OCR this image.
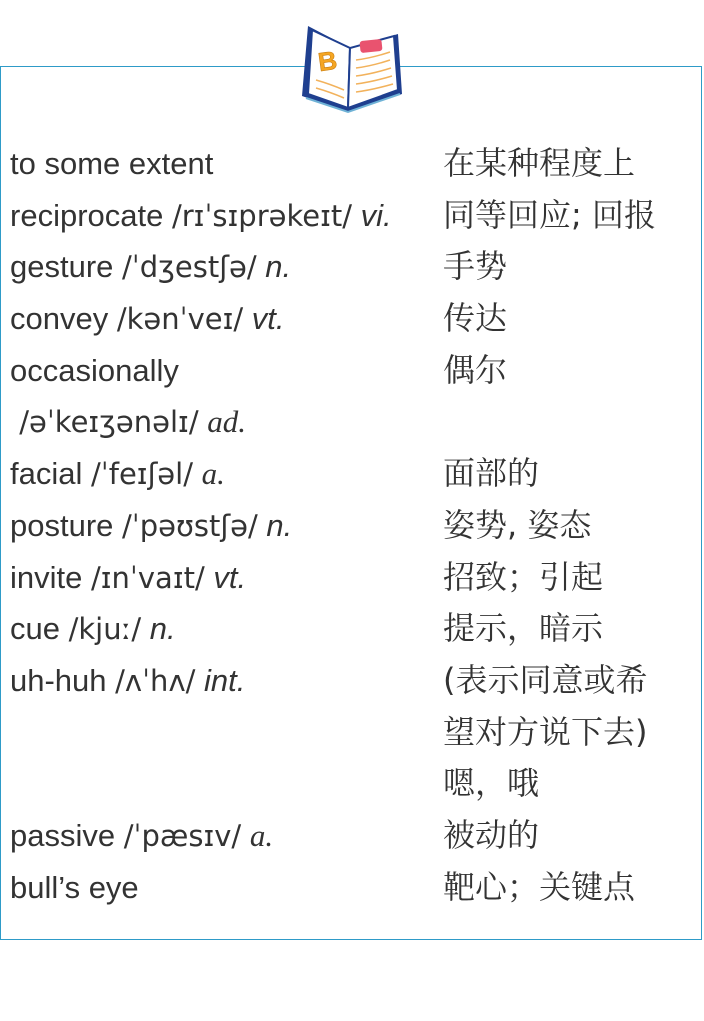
B
to some extent	在某种程度上
reciprocate /rɪˈsɪprəkeɪt/ vi. 同等回应; 回报
gesture /ˈdʒestʃə/ n.	手势
convey /kənˈveɪ/ vt.	传达
occasionally	偶尔
/əˈkeɪʒənəlɪ/ ad.
facial /ˈfeɪʃəl/ a.	面部的
posture /ˈpəʊstʃə/ n.	姿势, 姿态
invite /ɪnˈvaɪt/ vt.	招致；引起
cue /kjuː/ n.	提示，暗示
uh-huh /ʌˈhʌ/ int.	(表示同意或希
望对方说下去)
嗯，哦
passive /ˈpæsɪv/ a.	被动的
bull’s eye	靶心；关键点
